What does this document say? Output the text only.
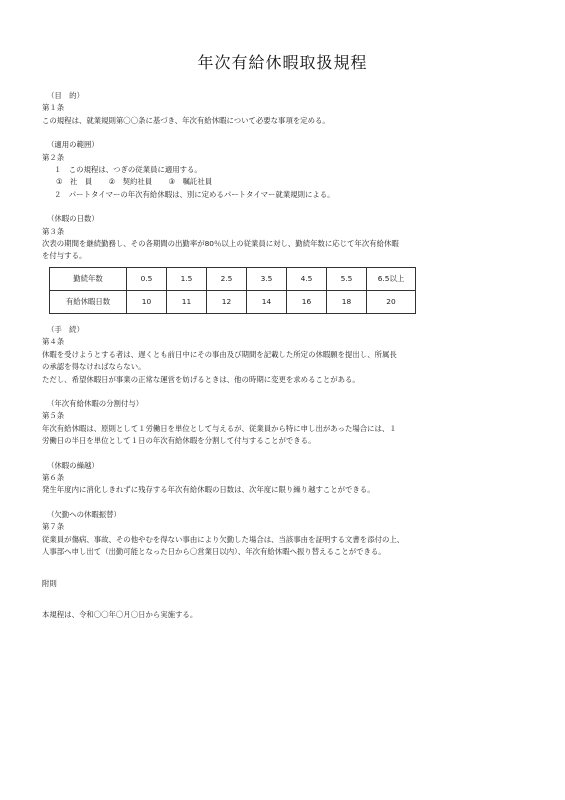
年次有給休暇取扱規程
（目　的）
第１条
この規程は、就業規則第〇〇条に基づき、年次有給休暇について必要な事項を定める。
（適用の範囲）
第２条
１　この規程は、つぎの従業員に適用する。
①　社　員 ②　契約社員 ③　嘱託社員
２　パートタイマーの年次有給休暇は、別に定めるパートタイマー就業規則による。
（休暇の日数）
第３条
次表の期間を継続勤務し、その各期間の出勤率が80％以上の従業員に対し、勤続年数に応じて年次有給休暇
を付与する。
勤続年数	0.5	1.5	2.5	3.5	4.5	5.5	6.5以上
有給休暇日数	10	11	12	14	16	18	20
（手　続）
第４条
休暇を受けようとする者は、遅くとも前日中にその事由及び期間を記載した所定の休暇願を提出し、所属長
の承認を得なければならない。
ただし、希望休暇日が事業の正常な運営を妨げるときは、他の時期に変更を求めることがある。
（年次有給休暇の分割付与）
第５条
年次有給休暇は、原則として１労働日を単位として与えるが、従業員から特に申し出があった場合には、１
労働日の半日を単位として１日の年次有給休暇を分割して付与することができる。
（休暇の繰越）
第６条
発生年度内に消化しきれずに残存する年次有給休暇の日数は、次年度に限り繰り越すことができる。
（欠勤への休暇振替）
第７条
従業員が傷病、事故、その他やむを得ない事由により欠勤した場合は、当該事由を証明する文書を添付の上、
人事部へ申し出て（出勤可能となった日から〇営業日以内）、年次有給休暇へ振り替えることができる。
附則
本規程は、令和〇〇年〇月〇日から実施する。
